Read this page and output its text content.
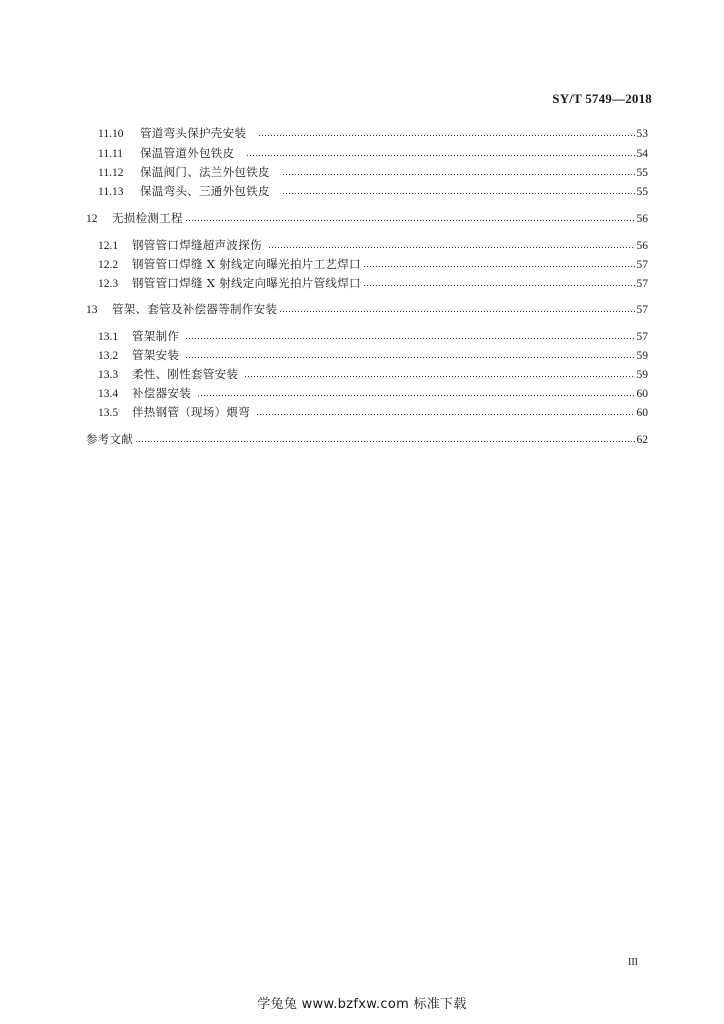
SY/T 5749—2018
11.10	管道弯头保护壳安装	53
11.11	保温管道外包铁皮	54
11.12	保温阀门、法兰外包铁皮	55
11.13	保温弯头、三通外包铁皮	55
12	无损检测工程	56
12.1	钢管管口焊缝超声波探伤	56
12.2	钢管管口焊缝 X 射线定向曝光拍片工艺焊口	57
12.3	钢管管口焊缝 X 射线定向曝光拍片管线焊口	57
13	管架、套管及补偿器等制作安装	57
13.1	管架制作	57
13.2	管架安装	59
13.3	柔性、刚性套管安装	59
13.4	补偿器安装	60
13.5	伴热钢管（现场）煨弯	60
参考文献	62
III
学兔兔 www.bzfxw.com 标准下载
